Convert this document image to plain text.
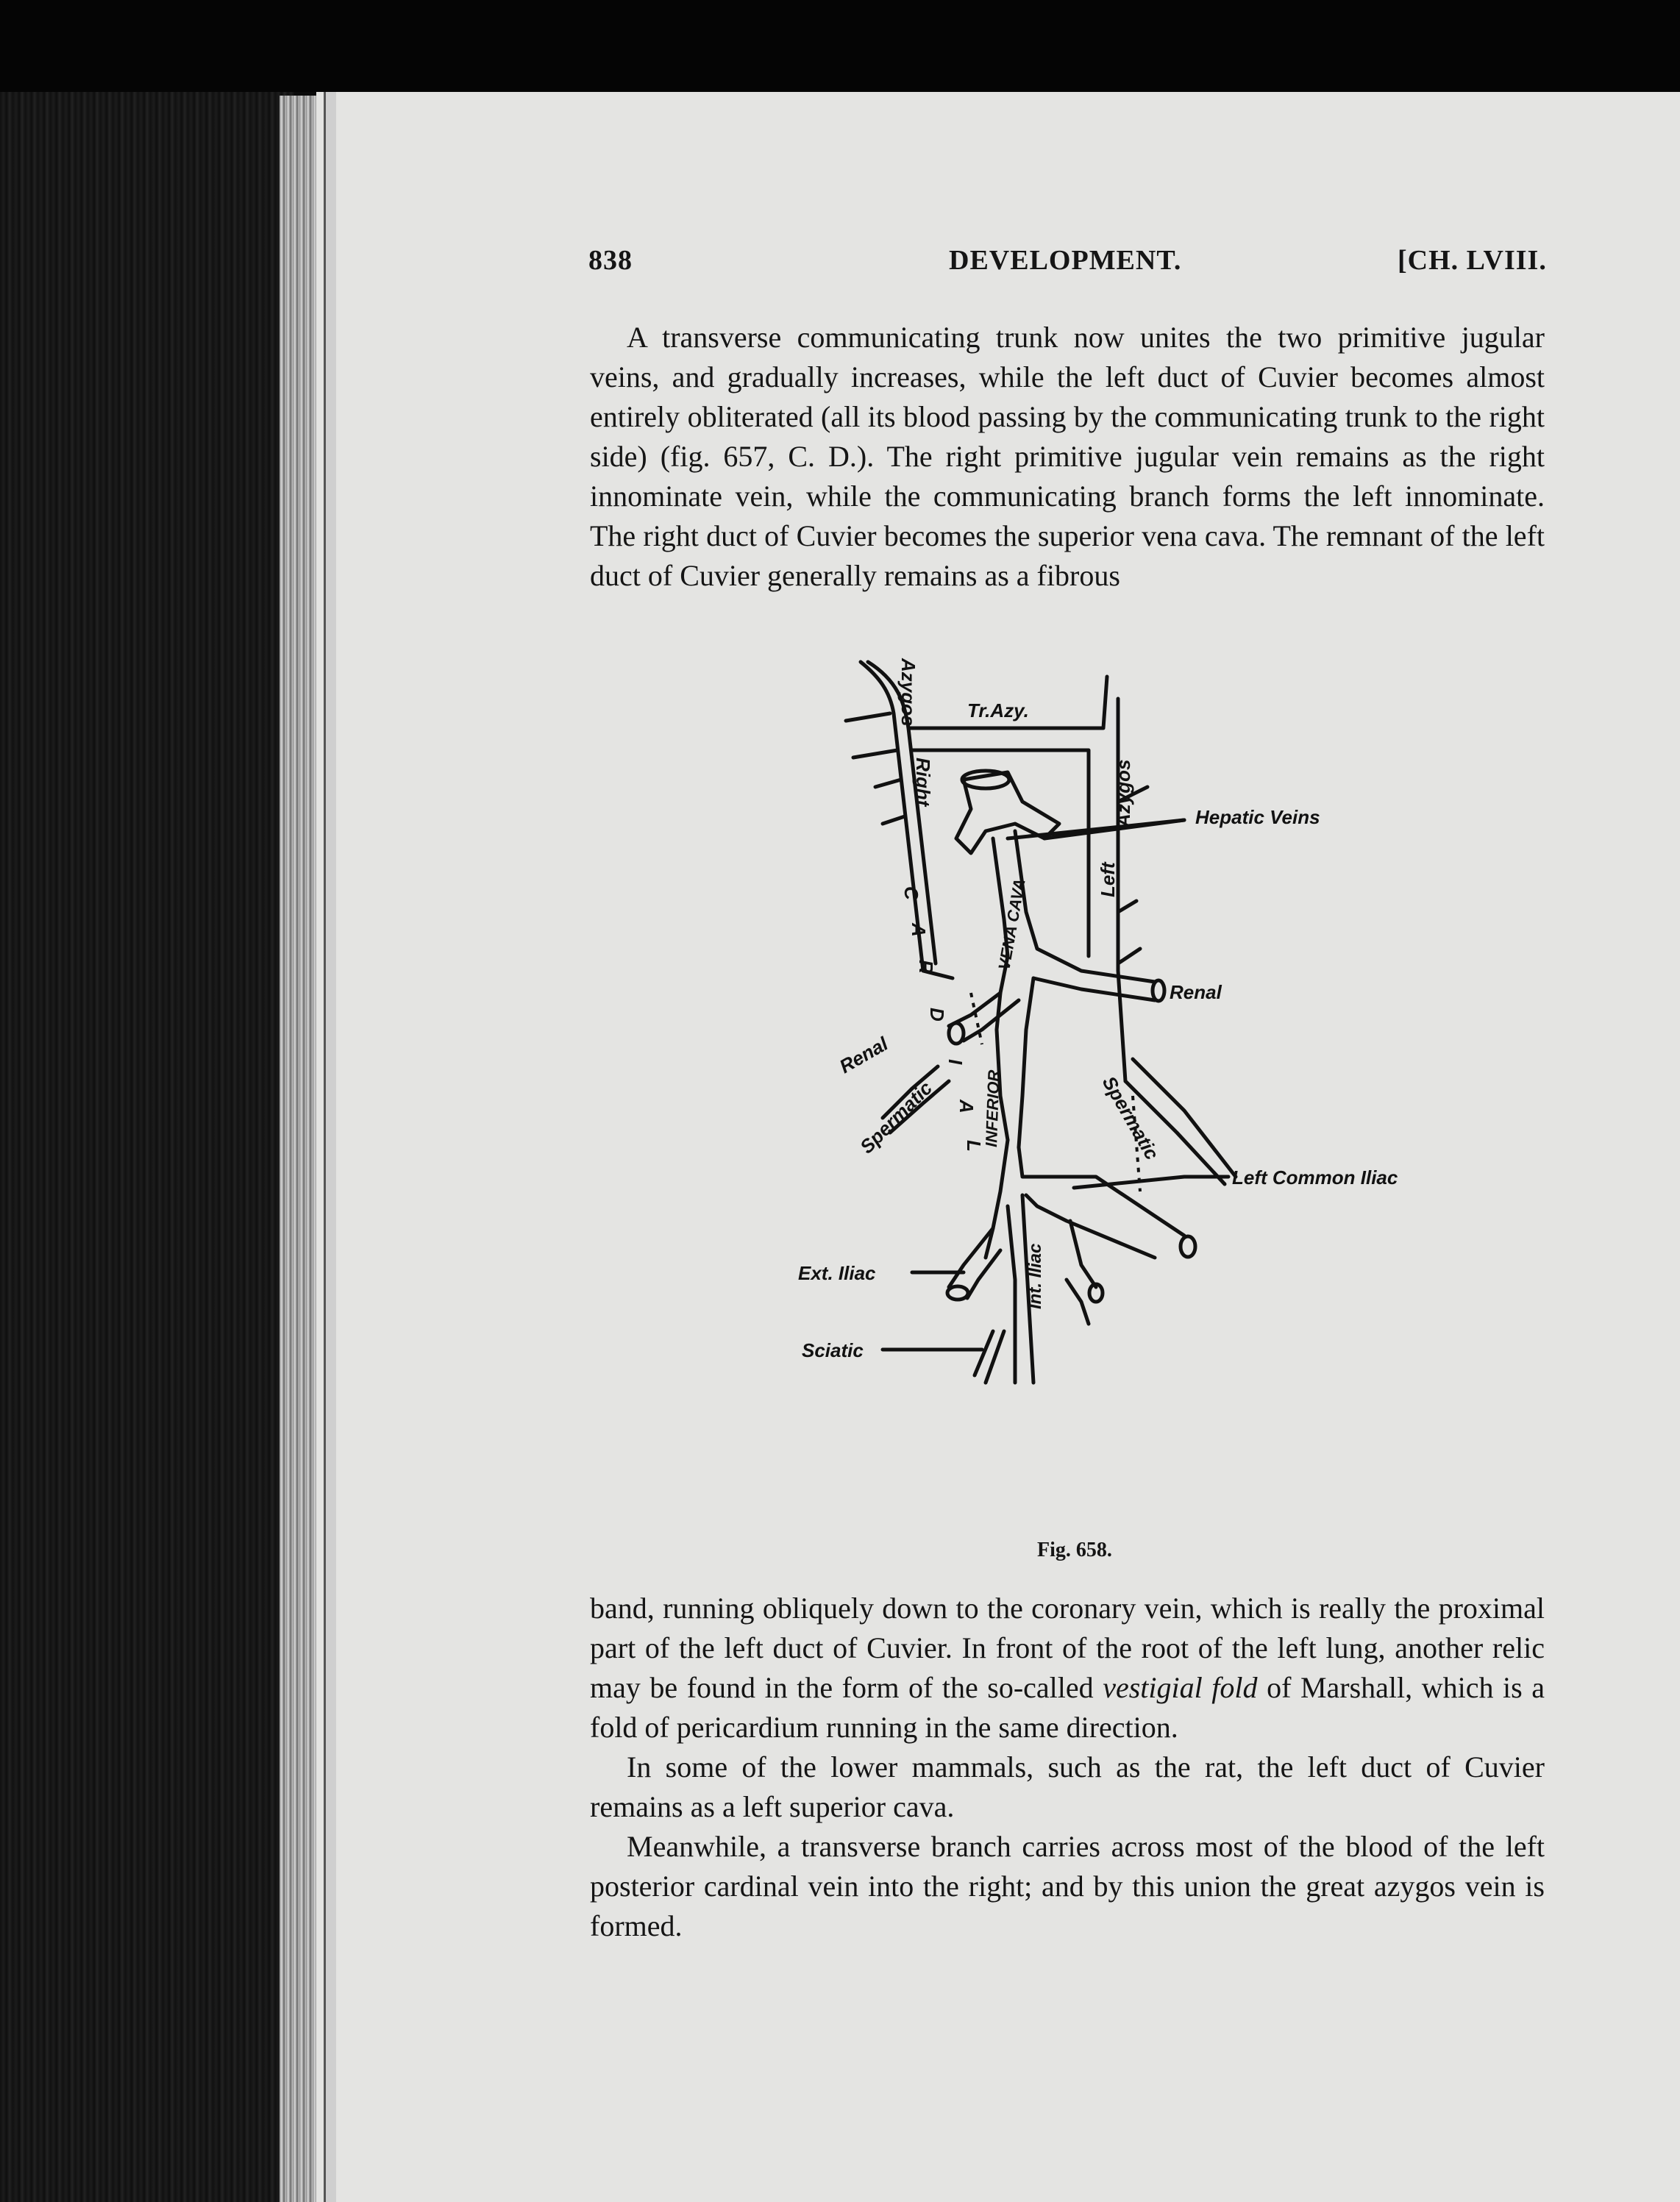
838	DEVELOPMENT.	[CH. LVIII.

A transverse communicating trunk now unites the two primitive jugular veins, and gradually increases, while the left duct of Cuvier becomes almost entirely obliterated (all its blood passing by the communicating trunk to the right side) (fig. 657, C. D.). The right primitive jugular vein remains as the right innominate vein, while the communicating branch forms the left innominate. The right duct of Cuvier becomes the superior vena cava. The remnant of the left duct of Cuvier generally remains as a fibrous

Azygos	Tr.Azy.
Right	Azygos
Left
Hepatic Veins
C
A
R
D
I
A
L
VENA CAVA
INFERIOR
Renal
Renal
Spermatic	Spermatic
Left Common Iliac
Ext. Iliac	Int. Iliac
Sciatic
Fig. 658.

band, running obliquely down to the coronary vein, which is really the proximal part of the left duct of Cuvier. In front of the root of the left lung, another relic may be found in the form of the so-called vestigial fold of Marshall, which is a fold of pericardium running in the same direction.

In some of the lower mammals, such as the rat, the left duct of Cuvier remains as a left superior cava.

Meanwhile, a transverse branch carries across most of the blood of the left posterior cardinal vein into the right; and by this union the great azygos vein is formed.
